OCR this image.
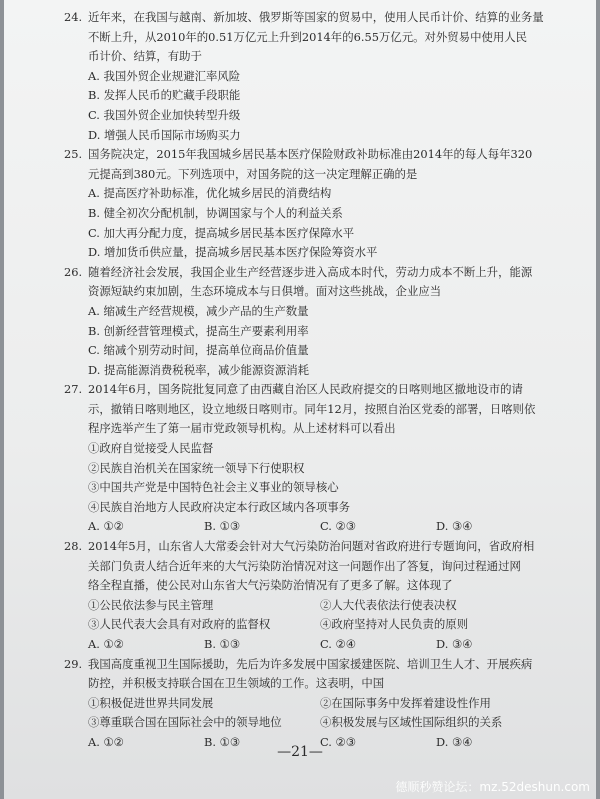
24. 近年来，在我国与越南、新加坡、俄罗斯等国家的贸易中，使用人民币计价、结算的业务量
不断上升，从2010年的0.51万亿元上升到2014年的6.55万亿元。对外贸易中使用人民
币计价、结算，有助于
A. 我国外贸企业规避汇率风险
B. 发挥人民币的贮藏手段职能
C. 我国外贸企业加快转型升级
D. 增强人民币国际市场购买力
25. 国务院决定，2015年我国城乡居民基本医疗保险财政补助标准由2014年的每人每年320
元提高到380元。下列选项中，对国务院的这一决定理解正确的是
A. 提高医疗补助标准，优化城乡居民的消费结构
B. 健全初次分配机制，协调国家与个人的利益关系
C. 加大再分配力度，提高城乡居民基本医疗保障水平
D. 增加货币供应量，提高城乡居民基本医疗保险筹资水平
26. 随着经济社会发展，我国企业生产经营逐步进入高成本时代，劳动力成本不断上升，能源
资源短缺约束加剧，生态环境成本与日俱增。面对这些挑战，企业应当
A. 缩减生产经营规模，减少产品的生产数量
B. 创新经营管理模式，提高生产要素利用率
C. 缩减个别劳动时间，提高单位商品价值量
D. 提高能源消费税税率，减少能源资源消耗
27. 2014年6月，国务院批复同意了由西藏自治区人民政府提交的日喀则地区撤地设市的请
示，撤销日喀则地区，设立地级日喀则市。同年12月，按照自治区党委的部署，日喀则依
程序选举产生了第一届市党政领导机构。从上述材料可以看出
①政府自觉接受人民监督
②民族自治机关在国家统一领导下行使职权
③中国共产党是中国特色社会主义事业的领导核心
④民族自治地方人民政府决定本行政区域内各项事务
A. ①②	B. ①③	C. ②③	D. ③④
28. 2014年5月，山东省人大常委会针对大气污染防治问题对省政府进行专题询问，省政府相
关部门负责人结合近年来的大气污染防治情况对这一问题作出了答复，询问过程通过网
络全程直播，使公民对山东省大气污染防治情况有了更多了解。这体现了
①公民依法参与民主管理	②人大代表依法行使表决权
③人民代表大会具有对政府的监督权	④政府坚持对人民负责的原则
A. ①②	B. ①③	C. ②④	D. ③④
29. 我国高度重视卫生国际援助，先后为许多发展中国家援建医院、培训卫生人才、开展疾病
防控，并积极支持联合国在卫生领域的工作。这表明，中国
①积极促进世界共同发展	②在国际事务中发挥着建设性作用
③尊重联合国在国际社会中的领导地位	④积极发展与区域性国际组织的关系
A. ①②	B. ①③	C. ②③	D. ③④
—21—
德顺秒赞论坛：mz.52deshun.com
